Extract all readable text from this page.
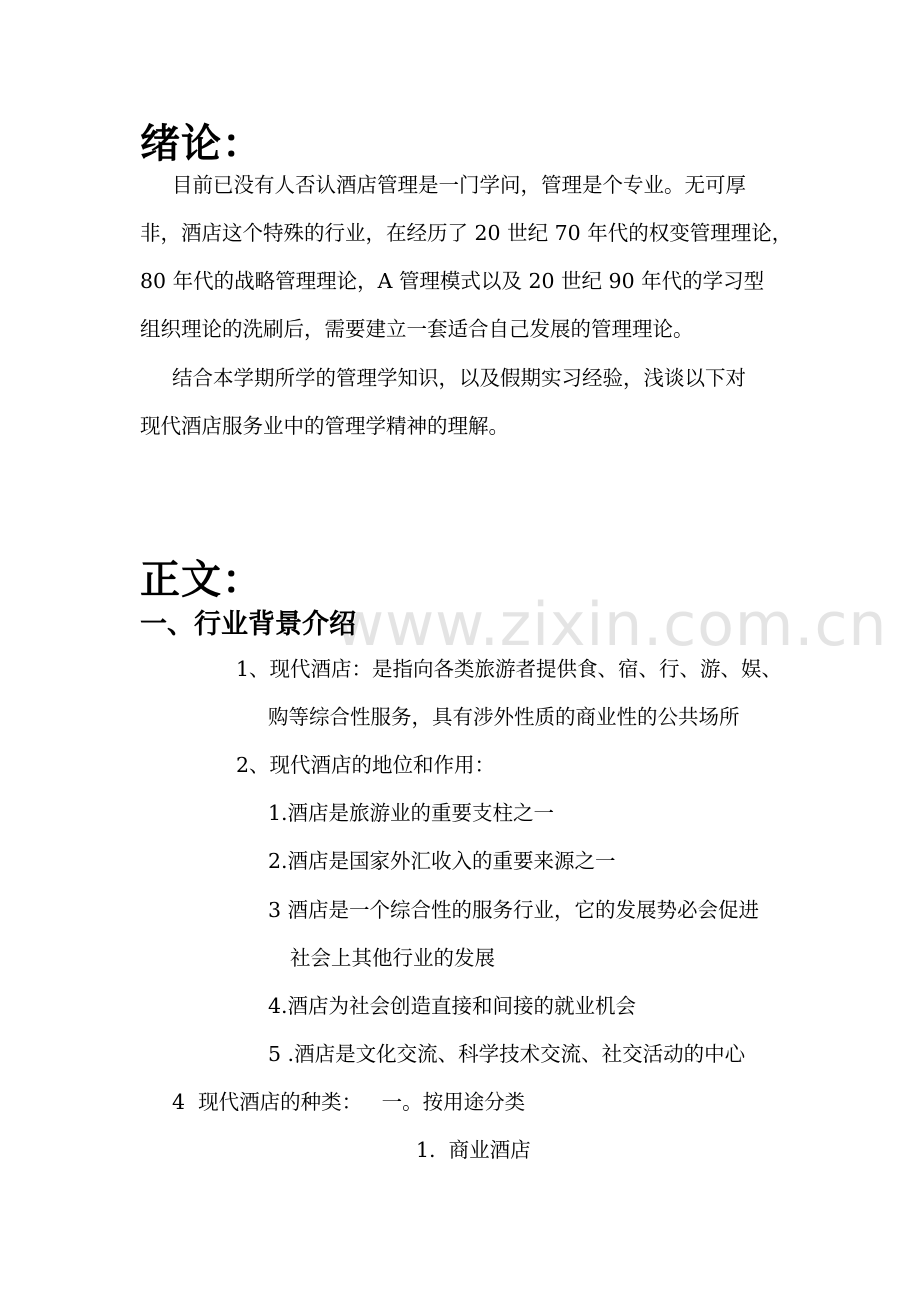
www.zixin.com.cn
绪论：
目前已没有人否认酒店管理是一门学问，管理是个专业。无可厚
非，酒店这个特殊的行业，在经历了 20 世纪 70 年代的权变管理理论，
80 年代的战略管理理论，A 管理模式以及 20 世纪 90 年代的学习型
组织理论的洗刷后，需要建立一套适合自己发展的管理理论。
结合本学期所学的管理学知识，以及假期实习经验，浅谈以下对
现代酒店服务业中的管理学精神的理解。
正文：
一、行业背景介绍
1、现代酒店：是指向各类旅游者提供食、宿、行、游、娱、
购等综合性服务，具有涉外性质的商业性的公共场所
2、现代酒店的地位和作用：
1.酒店是旅游业的重要支柱之一
2.酒店是国家外汇收入的重要来源之一
3 酒店是一个综合性的服务行业，它的发展势必会促进
社会上其他行业的发展
4.酒店为社会创造直接和间接的就业机会
5 .酒店是文化交流、科学技术交流、社交活动的中心
4  现代酒店的种类：   一。按用途分类
1.  商业酒店
